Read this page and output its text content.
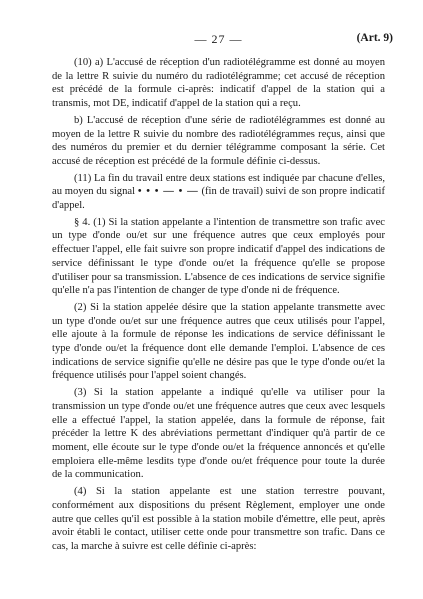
— 27 —	(Art. 9)

(10) a) L'accusé de réception d'un radiotélégramme est donné au moyen de la lettre R suivie du numéro du radiotélégramme; cet accusé de réception est précédé de la formule ci-après: indicatif d'appel de la station qui a transmis, mot DE, indicatif d'appel de la station qui a reçu.

b) L'accusé de réception d'une série de radiotélégrammes est donné au moyen de la lettre R suivie du nombre des radiotélégrammes reçus, ainsi que des numéros du premier et du dernier télégramme composant la série. Cet accusé de réception est précédé de la formule définie ci-dessus.

(11) La fin du travail entre deux stations est indiquée par chacune d'elles, au moyen du signal • • • — • — (fin de travail) suivi de son propre indicatif d'appel.

§ 4. (1) Si la station appelante a l'intention de transmettre son trafic avec un type d'onde ou/et sur une fréquence autres que ceux employés pour effectuer l'appel, elle fait suivre son propre indicatif d'appel des indications de service définissant le type d'onde ou/et la fréquence qu'elle se propose d'utiliser pour sa transmission. L'absence de ces indications de service signifie qu'elle n'a pas l'intention de changer de type d'onde ni de fréquence.

(2) Si la station appelée désire que la station appelante transmette avec un type d'onde ou/et sur une fréquence autres que ceux utilisés pour l'appel, elle ajoute à la formule de réponse les indications de service définissant le type d'onde ou/et la fréquence dont elle demande l'emploi. L'absence de ces indications de service signifie qu'elle ne désire pas que le type d'onde ou/et la fréquence utilisés pour l'appel soient changés.

(3) Si la station appelante a indiqué qu'elle va utiliser pour la transmission un type d'onde ou/et une fréquence autres que ceux avec lesquels elle a effectué l'appel, la station appelée, dans la formule de réponse, fait précéder la lettre K des abréviations permettant d'indiquer qu'à partir de ce moment, elle écoute sur le type d'onde ou/et la fréquence annoncés et qu'elle emploiera elle-même lesdits type d'onde ou/et fréquence pour toute la durée de la communication.

(4) Si la station appelante est une station terrestre pouvant, conformément aux dispositions du présent Règlement, employer une onde autre que celles qu'il est possible à la station mobile d'émettre, elle peut, après avoir établi le contact, utiliser cette onde pour transmettre son trafic. Dans ce cas, la marche à suivre est celle définie ci-après:
